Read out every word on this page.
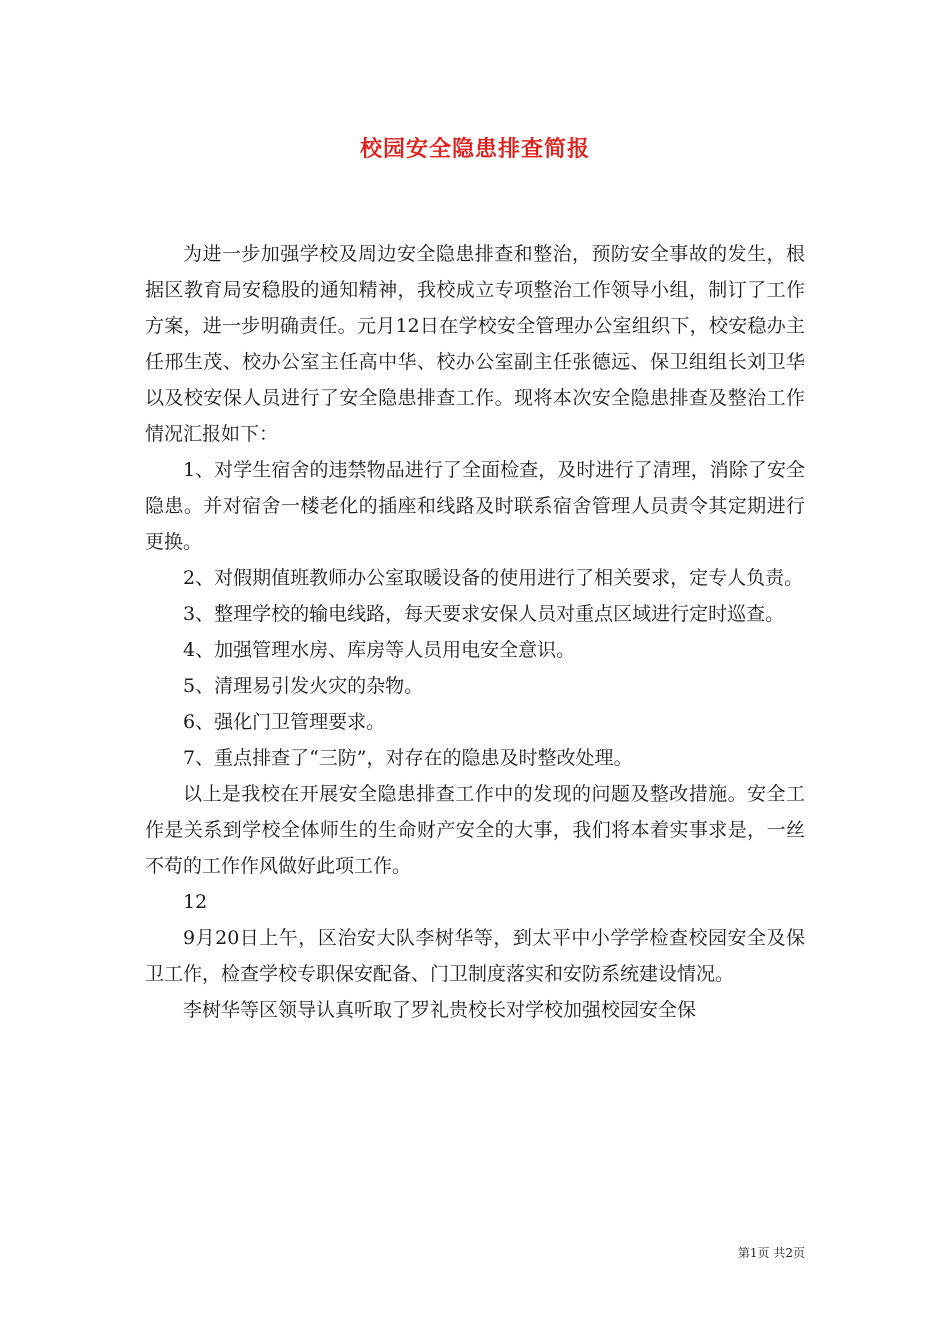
校园安全隐患排查简报

为进一步加强学校及周边安全隐患排查和整治，预防安全事故的发生，根据区教育局安稳股的通知精神，我校成立专项整治工作领导小组，制订了工作方案，进一步明确责任。元月12日在学校安全管理办公室组织下，校安稳办主任邢生茂、校办公室主任高中华、校办公室副主任张德远、保卫组组长刘卫华以及校安保人员进行了安全隐患排查工作。现将本次安全隐患排查及整治工作情况汇报如下：

1、对学生宿舍的违禁物品进行了全面检查，及时进行了清理，消除了安全隐患。并对宿舍一楼老化的插座和线路及时联系宿舍管理人员责令其定期进行更换。

2、对假期值班教师办公室取暖设备的使用进行了相关要求，定专人负责。

3、整理学校的输电线路，每天要求安保人员对重点区域进行定时巡查。

4、加强管理水房、库房等人员用电安全意识。

5、清理易引发火灾的杂物。

6、强化门卫管理要求。

7、重点排查了“三防”，对存在的隐患及时整改处理。

以上是我校在开展安全隐患排查工作中的发现的问题及整改措施。安全工作是关系到学校全体师生的生命财产安全的大事，我们将本着实事求是，一丝不苟的工作作风做好此项工作。

12

9月20日上午，区治安大队李树华等，到太平中小学学检查校园安全及保卫工作，检查学校专职保安配备、门卫制度落实和安防系统建设情况。

李树华等区领导认真听取了罗礼贵校长对学校加强校园安全保

第1页 共2页
